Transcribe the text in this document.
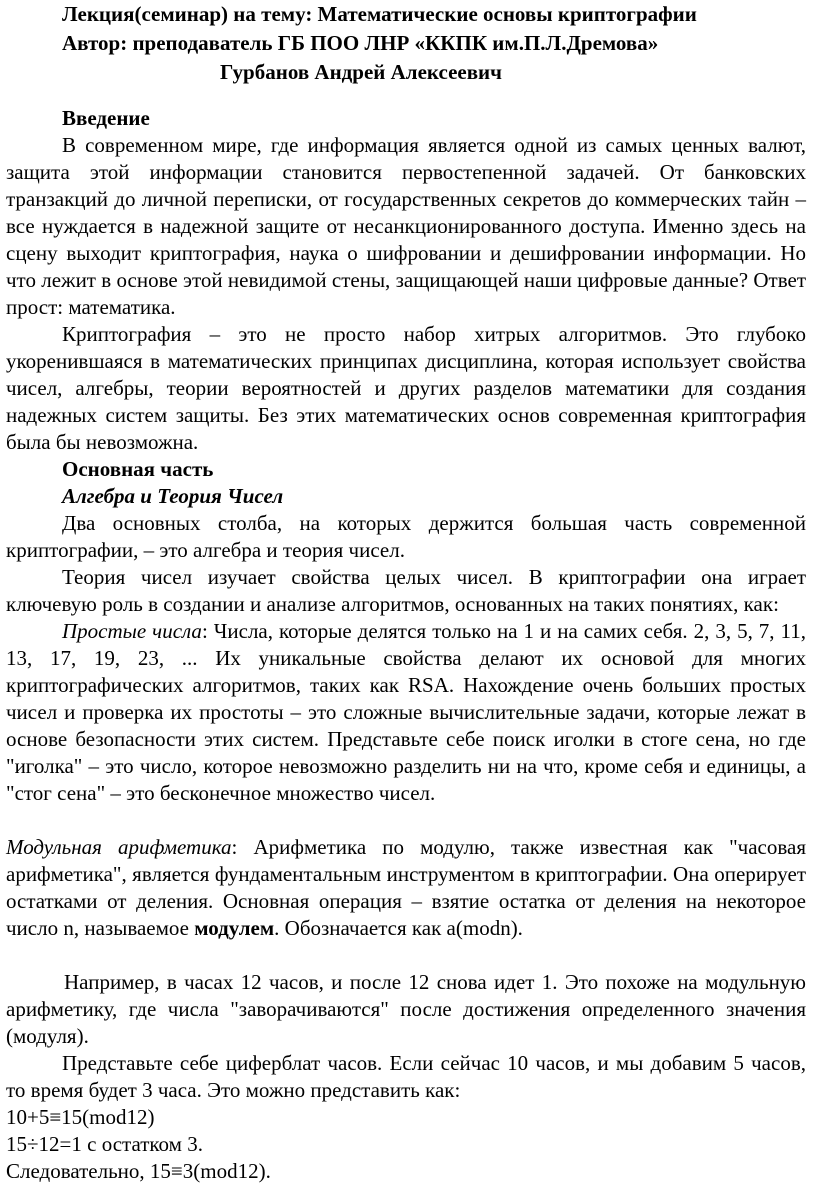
Лекция(семинар) на тему: Математические основы криптографии
Автор: преподаватель ГБ ПОО ЛНР «ККПК им.П.Л.Дремова»
Гурбанов Андрей Алексеевич

Введение

В современном мире, где информация является одной из самых ценных валют, защита этой информации становится первостепенной задачей. От банковских транзакций до личной переписки, от государственных секретов до коммерческих тайн – все нуждается в надежной защите от несанкционированного доступа. Именно здесь на сцену выходит криптография, наука о шифровании и дешифровании информации. Но что лежит в основе этой невидимой стены, защищающей наши цифровые данные? Ответ прост: математика.

Криптография – это не просто набор хитрых алгоритмов. Это глубоко укоренившаяся в математических принципах дисциплина, которая использует свойства чисел, алгебры, теории вероятностей и других разделов математики для создания надежных систем защиты. Без этих математических основ современная криптография была бы невозможна.

Основная часть

Алгебра и Теория Чисел

Два основных столба, на которых держится большая часть современной криптографии, – это алгебра и теория чисел.

Теория чисел изучает свойства целых чисел. В криптографии она играет ключевую роль в создании и анализе алгоритмов, основанных на таких понятиях, как:

Простые числа: Числа, которые делятся только на 1 и на самих себя. 2, 3, 5, 7, 11, 13, 17, 19, 23, ... Их уникальные свойства делают их основой для многих криптографических алгоритмов, таких как RSA. Нахождение очень больших простых чисел и проверка их простоты – это сложные вычислительные задачи, которые лежат в основе безопасности этих систем. Представьте себе поиск иголки в стоге сена, но где "иголка" – это число, которое невозможно разделить ни на что, кроме себя и единицы, а "стог сена" – это бесконечное множество чисел.

Модульная арифметика: Арифметика по модулю, также известная как "часовая арифметика", является фундаментальным инструментом в криптографии. Она оперирует остатками от деления. Основная операция – взятие остатка от деления на некоторое число n, называемое модулем. Обозначается как a(modn).

Например, в часах 12 часов, и после 12 снова идет 1. Это похоже на модульную арифметику, где числа "заворачиваются" после достижения определенного значения (модуля).

Представьте себе циферблат часов. Если сейчас 10 часов, и мы добавим 5 часов, то время будет 3 часа. Это можно представить как:

10+5≡15(mod12)

15÷12=1 с остатком 3.

Следовательно, 15≡3(mod12).
